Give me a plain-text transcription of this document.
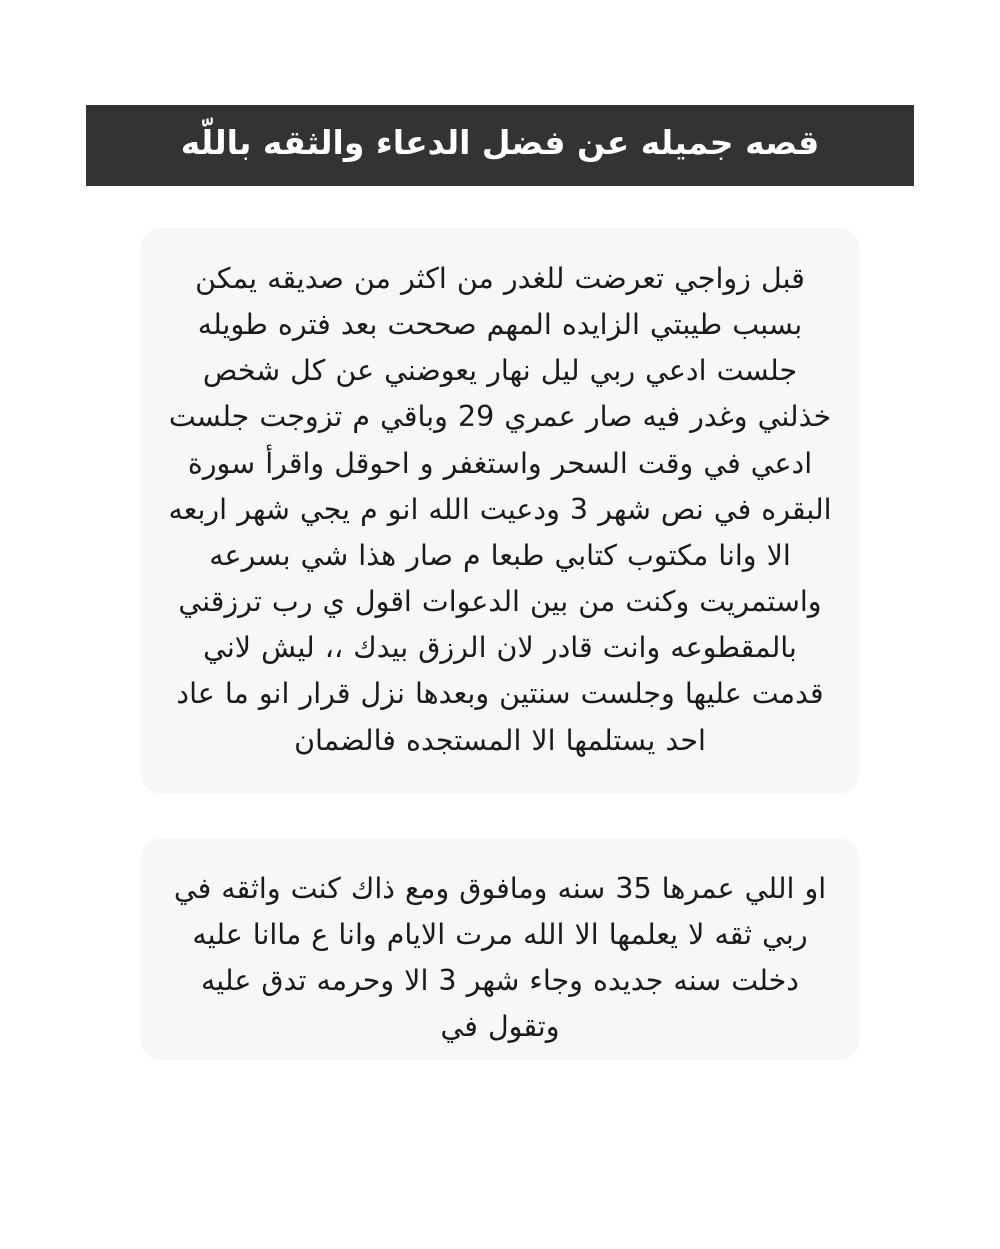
قصه جميله عن فضل الدعاء والثقه باللّه

قبل زواجي تعرضت للغدر من اكثر من صديقه يمكن بسبب طيبتي الزايده المهم صححت بعد فتره طويله جلست ادعي ربي ليل نهار يعوضني عن كل شخص خذلني وغدر فيه صار عمري 29 وباقي م تزوجت جلست ادعي في وقت السحر واستغفر و احوقل واقرأ سورة البقره في نص شهر 3 ودعيت الله انو م يجي شهر اربعه الا وانا مكتوب كتابي طبعا م صار هذا شي بسرعه واستمريت وكنت من بين الدعوات اقول ي رب ترزقني بالمقطوعه وانت قادر لان الرزق بيدك ،، ليش لاني قدمت عليها وجلست سنتين وبعدها نزل قرار انو ما عاد احد يستلمها الا المستجده فالضمان

او اللي عمرها 35 سنه ومافوق ومع ذاك كنت واثقه في ربي ثقه لا يعلمها الا الله مرت الايام وانا ع ماانا عليه دخلت سنه جديده وجاء شهر 3 الا وحرمه تدق عليه وتقول في
